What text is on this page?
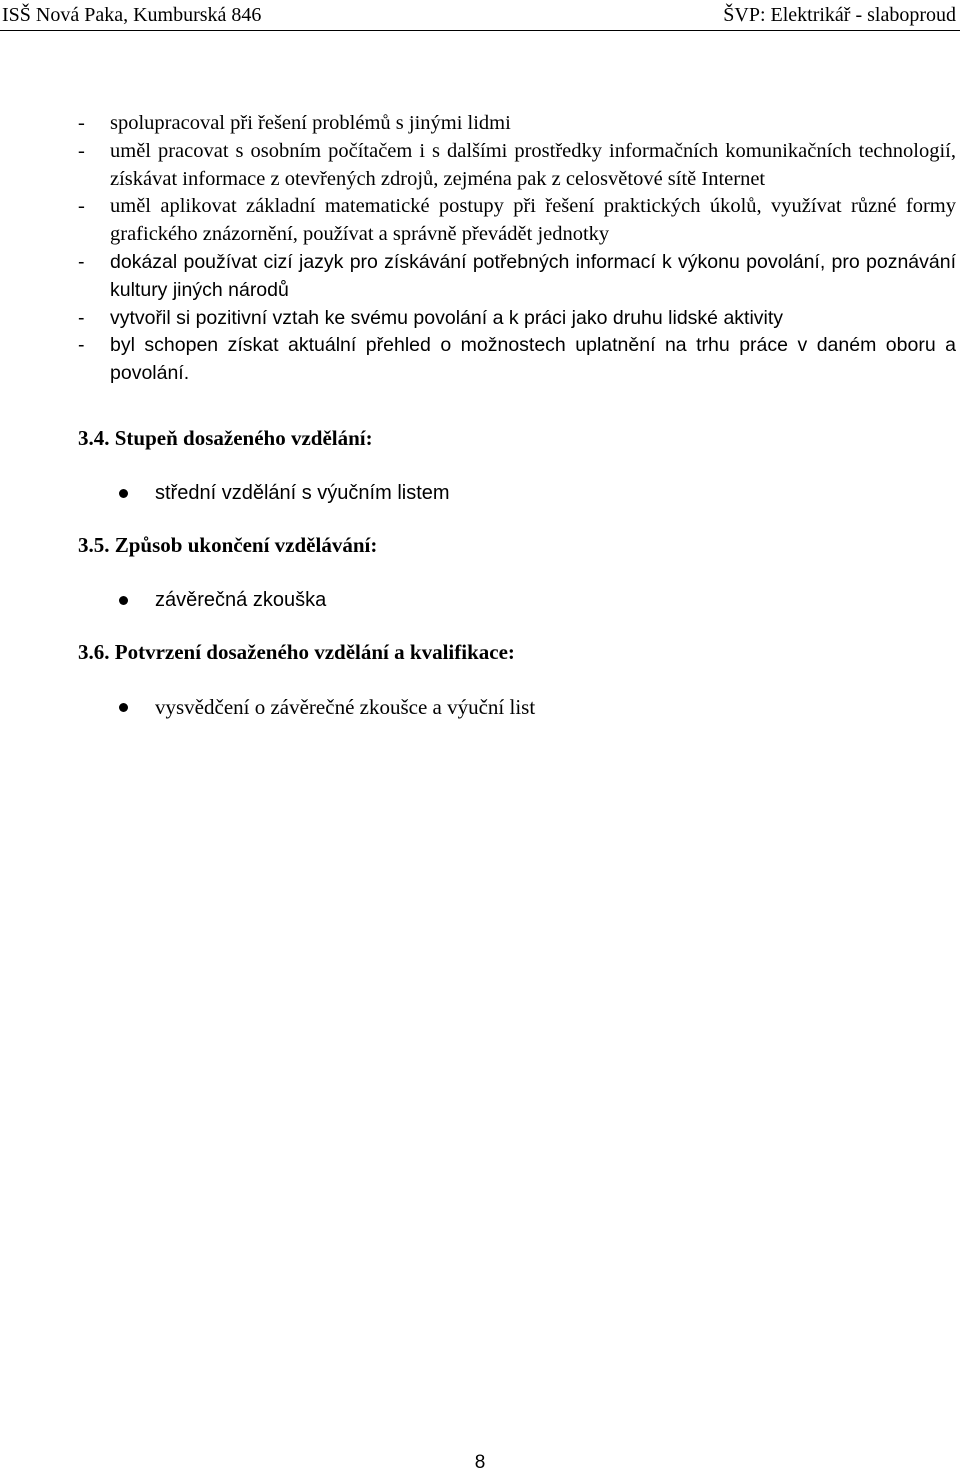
ISŠ Nová Paka, Kumburská 846	ŠVP: Elektrikář - slaboproud
- spolupracoval při řešení problémů s jinými lidmi
- uměl pracovat s osobním počítačem i s dalšími prostředky informačních komunikačních technologií, získávat informace z otevřených zdrojů, zejména pak z celosvětové sítě Internet
- uměl aplikovat základní matematické postupy při řešení praktických úkolů, využívat různé formy grafického znázornění, používat a správně převádět jednotky
- dokázal používat cizí jazyk pro získávání potřebných informací k výkonu povolání, pro poznávání kultury jiných národů
- vytvořil si pozitivní vztah ke svému povolání a k práci jako druhu lidské aktivity
- byl schopen získat aktuální přehled o možnostech uplatnění na trhu práce v daném oboru a povolání.
3.4. Stupeň dosaženého vzdělání:
střední vzdělání s výučním listem
3.5. Způsob ukončení vzdělávání:
závěrečná zkouška
3.6. Potvrzení dosaženého vzdělání a kvalifikace:
vysvědčení o závěrečné zkoušce a výuční list
8
